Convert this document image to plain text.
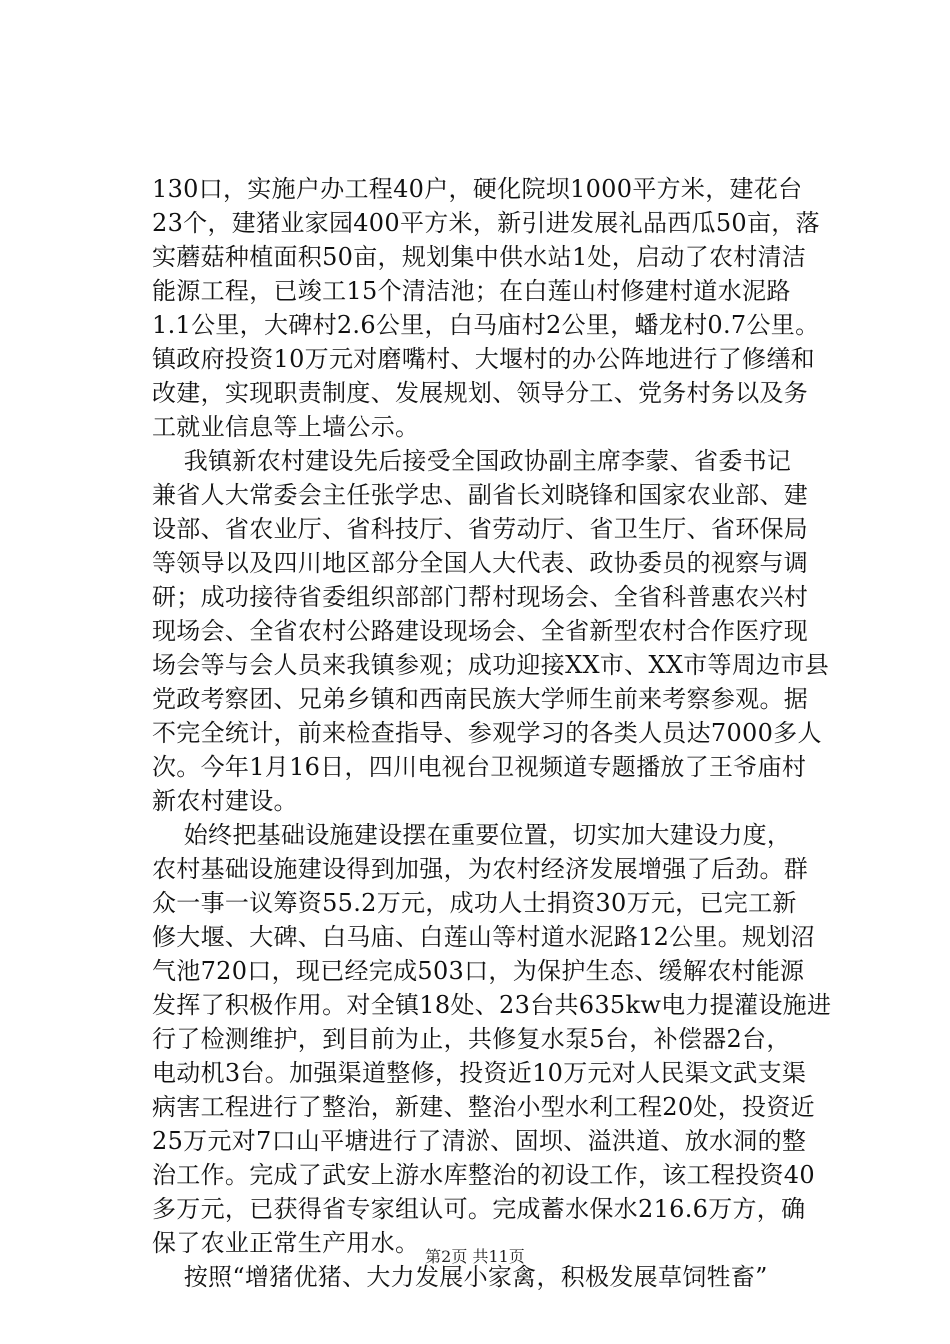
130口，实施户办工程40户，硬化院坝1000平方米，建花台
23个，建猪业家园400平方米，新引进发展礼品西瓜50亩，落
实蘑菇种植面积50亩，规划集中供水站1处，启动了农村清洁
能源工程，已竣工15个清洁池；在白莲山村修建村道水泥路
1.1公里，大碑村2.6公里，白马庙村2公里，蟠龙村0.7公里。
镇政府投资10万元对磨嘴村、大堰村的办公阵地进行了修缮和
改建，实现职责制度、发展规划、领导分工、党务村务以及务
工就业信息等上墙公示。
我镇新农村建设先后接受全国政协副主席李蒙、省委书记
兼省人大常委会主任张学忠、副省长刘晓锋和国家农业部、建
设部、省农业厅、省科技厅、省劳动厅、省卫生厅、省环保局
等领导以及四川地区部分全国人大代表、政协委员的视察与调
研；成功接待省委组织部部门帮村现场会、全省科普惠农兴村
现场会、全省农村公路建设现场会、全省新型农村合作医疗现
场会等与会人员来我镇参观；成功迎接XX市、XX市等周边市县
党政考察团、兄弟乡镇和西南民族大学师生前来考察参观。据
不完全统计，前来检查指导、参观学习的各类人员达7000多人
次。今年1月16日，四川电视台卫视频道专题播放了王爷庙村
新农村建设。
始终把基础设施建设摆在重要位置，切实加大建设力度，
农村基础设施建设得到加强，为农村经济发展增强了后劲。群
众一事一议筹资55.2万元，成功人士捐资30万元，已完工新
修大堰、大碑、白马庙、白莲山等村道水泥路12公里。规划沼
气池720口，现已经完成503口，为保护生态、缓解农村能源
发挥了积极作用。对全镇18处、23台共635kw电力提灌设施进
行了检测维护，到目前为止，共修复水泵5台，补偿器2台，
电动机3台。加强渠道整修，投资近10万元对人民渠文武支渠
病害工程进行了整治，新建、整治小型水利工程20处，投资近
25万元对7口山平塘进行了清淤、固坝、溢洪道、放水洞的整
治工作。完成了武安上游水库整治的初设工作，该工程投资40
多万元，已获得省专家组认可。完成蓄水保水216.6万方，确
保了农业正常生产用水。
按照“增猪优猪、大力发展小家禽，积极发展草饲牲畜”
第2页 共11页
